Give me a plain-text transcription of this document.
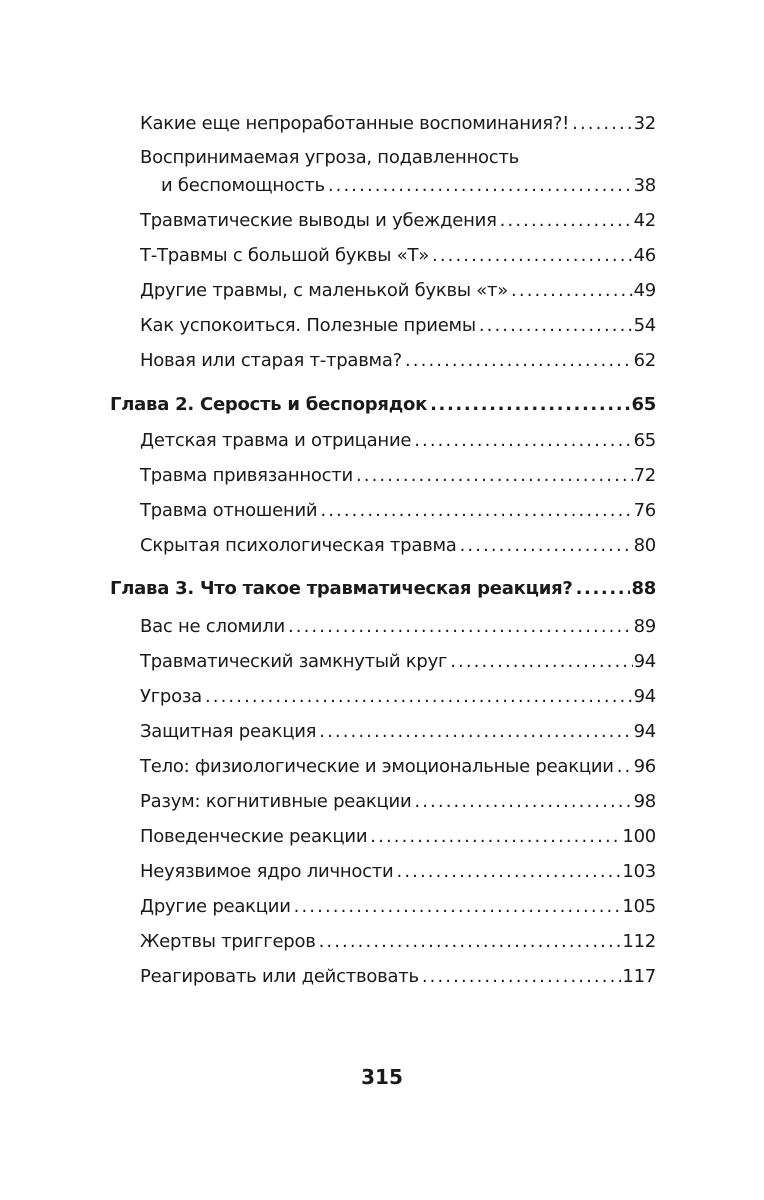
Какие еще непроработанные воспоминания?! .....	32
Воспринимаемая угроза, подавленность
и беспомощность .....	38
Травматические выводы и убеждения .....	42
Т-Травмы с большой буквы «Т» .....	46
Другие травмы, с маленькой буквы «т» .....	49
Как успокоиться. Полезные приемы .....	54
Новая или старая т-травма? .....	62
Глава 2. Серость и беспорядок .....	65
Детская травма и отрицание .....	65
Травма привязанности .....	72
Травма отношений .....	76
Скрытая психологическая травма .....	80
Глава 3. Что такое травматическая реакция? .....	88
Вас не сломили .....	89
Травматический замкнутый круг .....	94
Угроза .....	94
Защитная реакция .....	94
Тело: физиологические и эмоциональные реакции ..... 96
Разум: когнитивные реакции .....	98
Поведенческие реакции .....	100
Неуязвимое ядро личности .....	103
Другие реакции .....	105
Жертвы триггеров .....	112
Реагировать или действовать .....	117
315
